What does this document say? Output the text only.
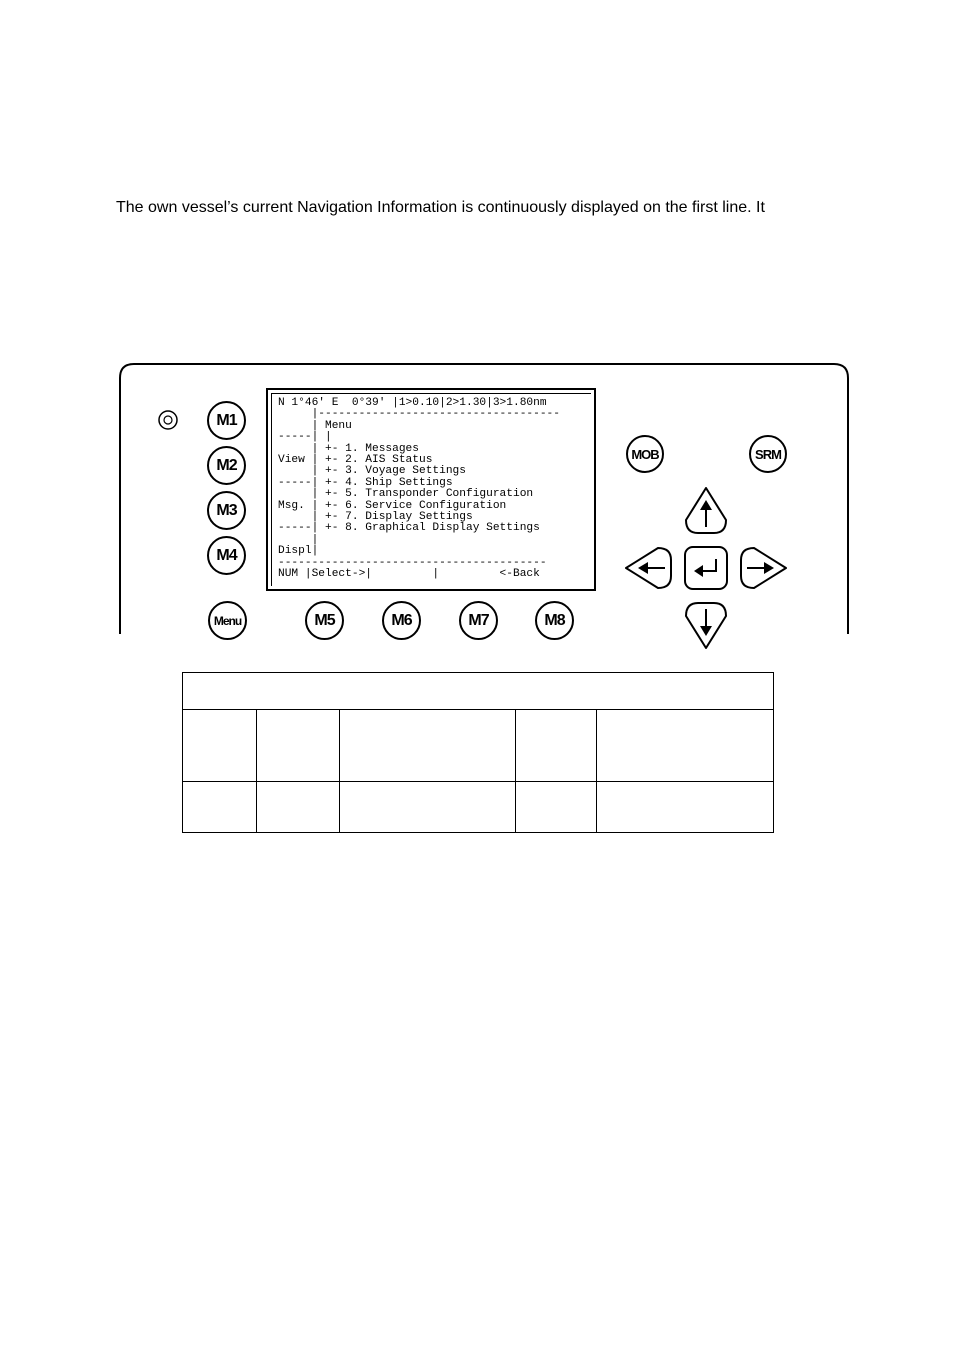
The own vessel’s current Navigation Information is continuously displayed on the first line. It

M1
M2
M3
M4
Menu	M5	M6	M7	M8
MOB	SRM
N 1°46' E  0°39' |1>0.10|2>1.30|3>1.80nm
|------------------------------------
| Menu
-----| |
| +- 1. Messages
View | +- 2. AIS Status
| +- 3. Voyage Settings
-----| +- 4. Ship Settings
| +- 5. Transponder Configuration
Msg. | +- 6. Service Configuration
| +- 7. Display Settings
-----| +- 8. Graphical Display Settings
|
Displ|
----------------------------------------
NUM |Select->|         |         <-Back
